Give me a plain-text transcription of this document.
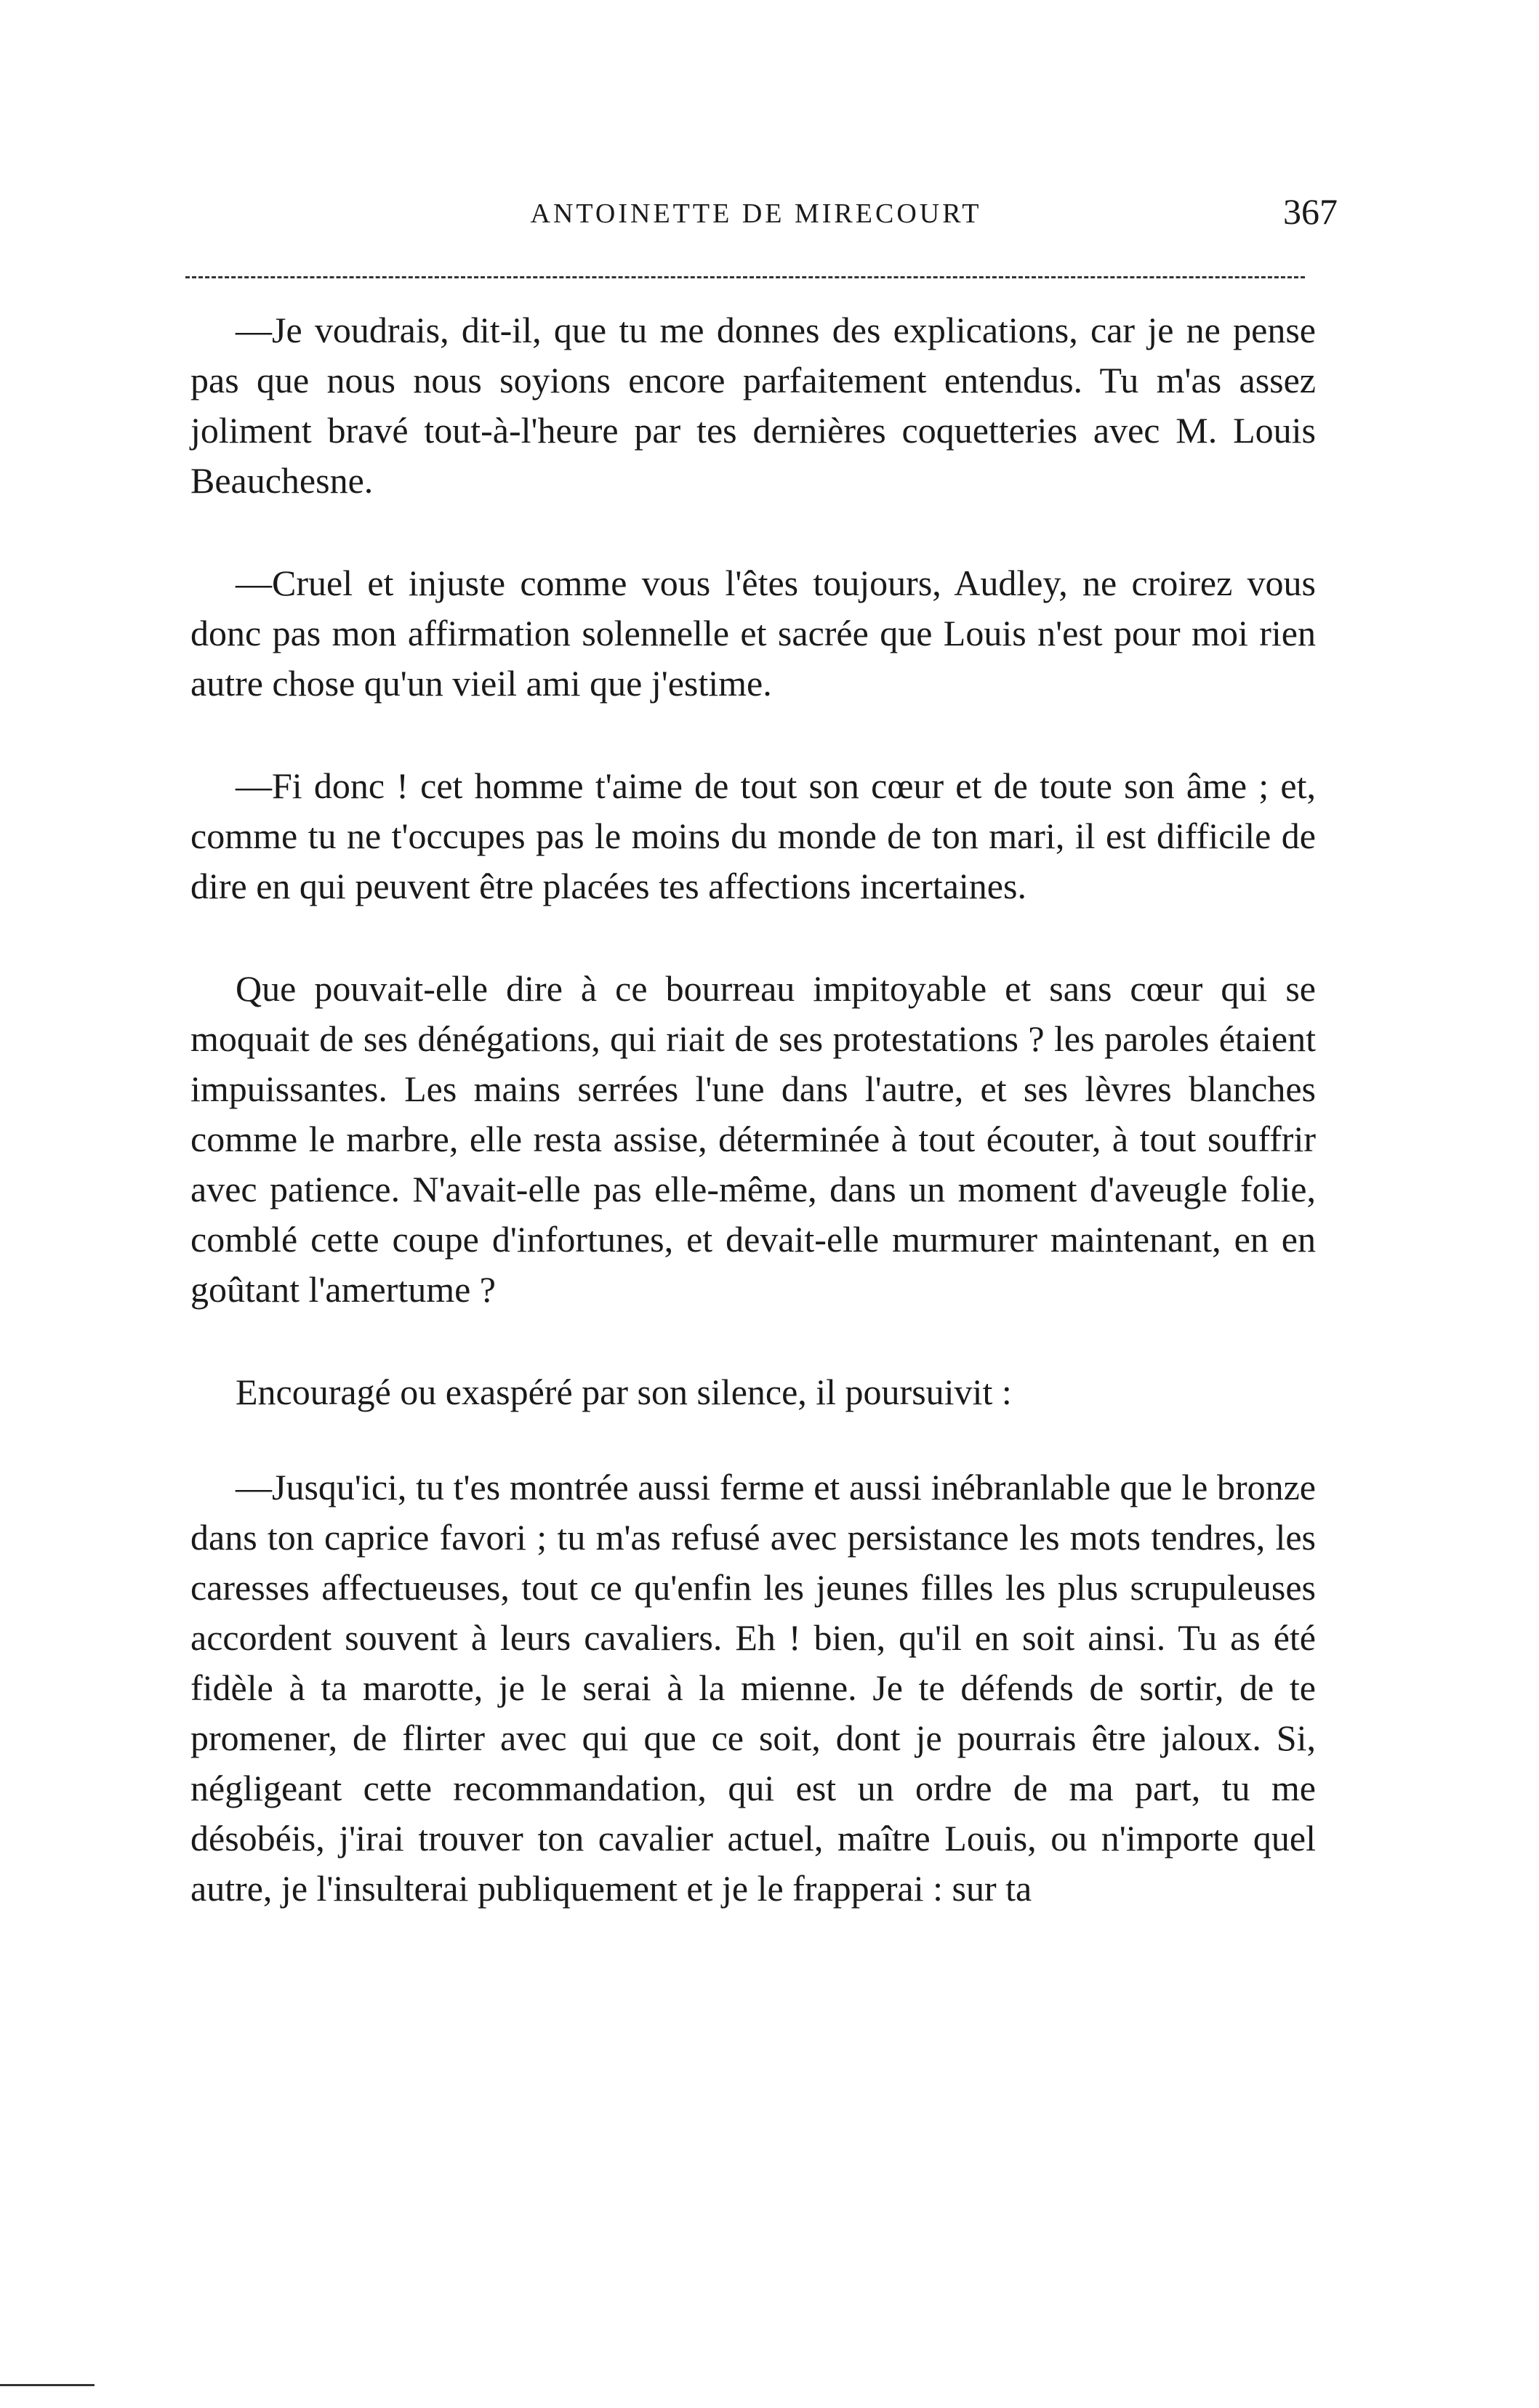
ANTOINETTE DE MIRECOURT	367

—Je voudrais, dit-il, que tu me donnes des explications, car je ne pense pas que nous nous soyions encore parfaitement entendus. Tu m'as assez joliment bravé tout-à-l'heure par tes dernières coquetteries avec M. Louis Beauchesne.

—Cruel et injuste comme vous l'êtes toujours, Audley, ne croirez vous donc pas mon affirmation solennelle et sacrée que Louis n'est pour moi rien autre chose qu'un vieil ami que j'estime.

—Fi donc ! cet homme t'aime de tout son cœur et de toute son âme ; et, comme tu ne t'occupes pas le moins du monde de ton mari, il est difficile de dire en qui peuvent être placées tes affections incertaines.

Que pouvait-elle dire à ce bourreau impitoyable et sans cœur qui se moquait de ses dénégations, qui riait de ses protestations ? les paroles étaient impuissantes. Les mains serrées l'une dans l'autre, et ses lèvres blanches comme le marbre, elle resta assise, déterminée à tout écouter, à tout souffrir avec patience. N'avait-elle pas elle-même, dans un moment d'aveugle folie, comblé cette coupe d'infortunes, et devait-elle murmurer maintenant, en en goûtant l'amertume ?

Encouragé ou exaspéré par son silence, il poursuivit :

—Jusqu'ici, tu t'es montrée aussi ferme et aussi inébranlable que le bronze dans ton caprice favori ; tu m'as refusé avec persistance les mots tendres, les caresses affectueuses, tout ce qu'enfin les jeunes filles les plus scrupuleuses accordent souvent à leurs cavaliers. Eh ! bien, qu'il en soit ainsi. Tu as été fidèle à ta marotte, je le serai à la mienne. Je te défends de sortir, de te promener, de flirter avec qui que ce soit, dont je pourrais être jaloux. Si, négligeant cette recommandation, qui est un ordre de ma part, tu me désobéis, j'irai trouver ton cavalier actuel, maître Louis, ou n'importe quel autre, je l'insulterai publiquement et je le frapperai : sur ta
